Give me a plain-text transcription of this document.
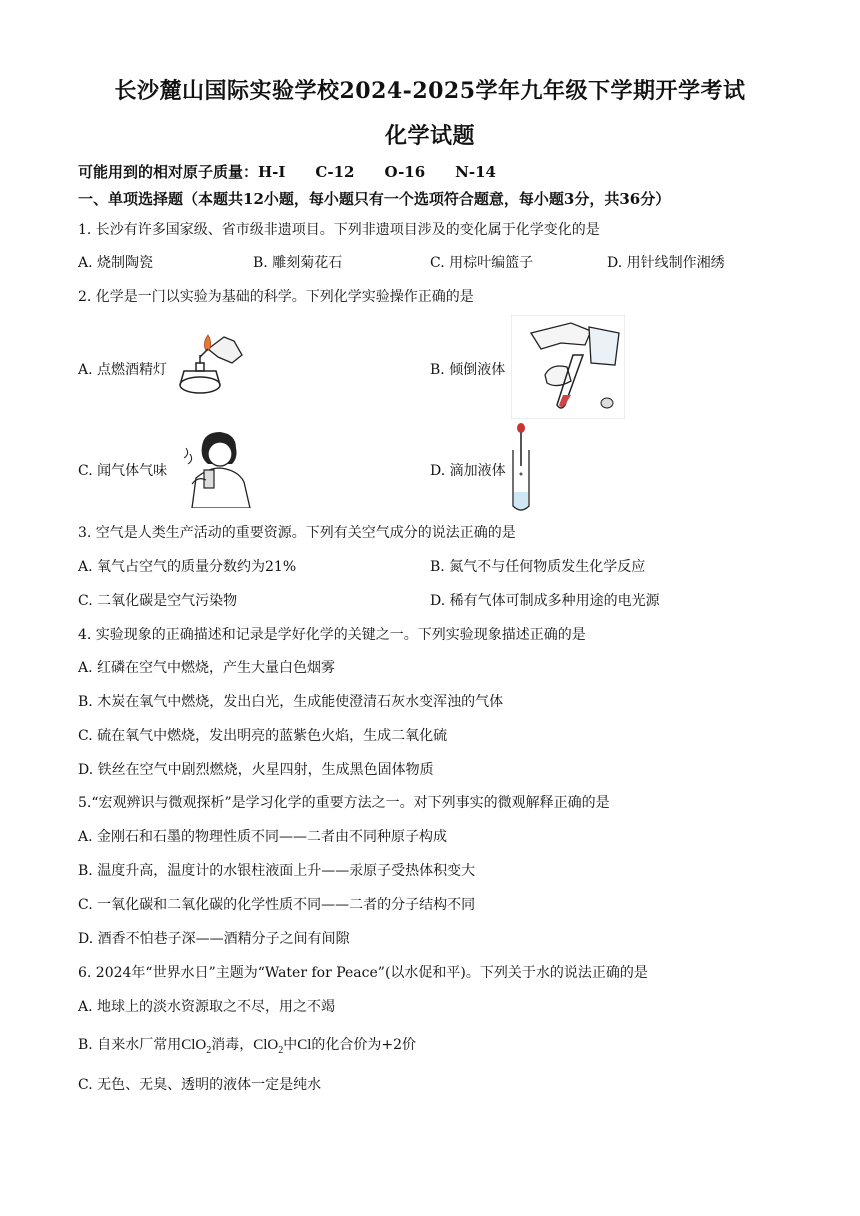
长沙麓山国际实验学校2024-2025学年九年级下学期开学考试
化学试题
可能用到的相对原子质量：H-I　　C-12　　O-16　　N-14
一、单项选择题（本题共12小题，每小题只有一个选项符合题意，每小题3分，共36分）
1. 长沙有许多国家级、省市级非遗项目。下列非遗项目涉及的变化属于化学变化的是
A. 烧制陶瓷	B. 雕刻菊花石	C. 用棕叶编篮子	D. 用针线制作湘绣
2. 化学是一门以实验为基础的科学。下列化学实验操作正确的是
A. 点燃酒精灯	B. 倾倒液体
C. 闻气体气味	D. 滴加液体
3. 空气是人类生产活动的重要资源。下列有关空气成分的说法正确的是
A. 氧气占空气的质量分数约为21%	B. 氮气不与任何物质发生化学反应
C. 二氧化碳是空气污染物	D. 稀有气体可制成多种用途的电光源
4. 实验现象的正确描述和记录是学好化学的关键之一。下列实验现象描述正确的是
A. 红磷在空气中燃烧，产生大量白色烟雾
B. 木炭在氧气中燃烧，发出白光，生成能使澄清石灰水变浑浊的气体
C. 硫在氧气中燃烧，发出明亮的蓝紫色火焰，生成二氧化硫
D. 铁丝在空气中剧烈燃烧，火星四射，生成黑色固体物质
5.“宏观辨识与微观探析”是学习化学的重要方法之一。对下列事实的微观解释正确的是
A. 金刚石和石墨的物理性质不同——二者由不同种原子构成
B. 温度升高，温度计的水银柱液面上升——汞原子受热体积变大
C. 一氧化碳和二氧化碳的化学性质不同——二者的分子结构不同
D. 酒香不怕巷子深——酒精分子之间有间隙
6. 2024年“世界水日”主题为“Water for Peace”(以水促和平)。下列关于水的说法正确的是
A. 地球上的淡水资源取之不尽，用之不竭
B. 自来水厂常用ClO$_2$消毒，ClO$_2$中Cl的化合价为+2价
C. 无色、无臭、透明的液体一定是纯水
